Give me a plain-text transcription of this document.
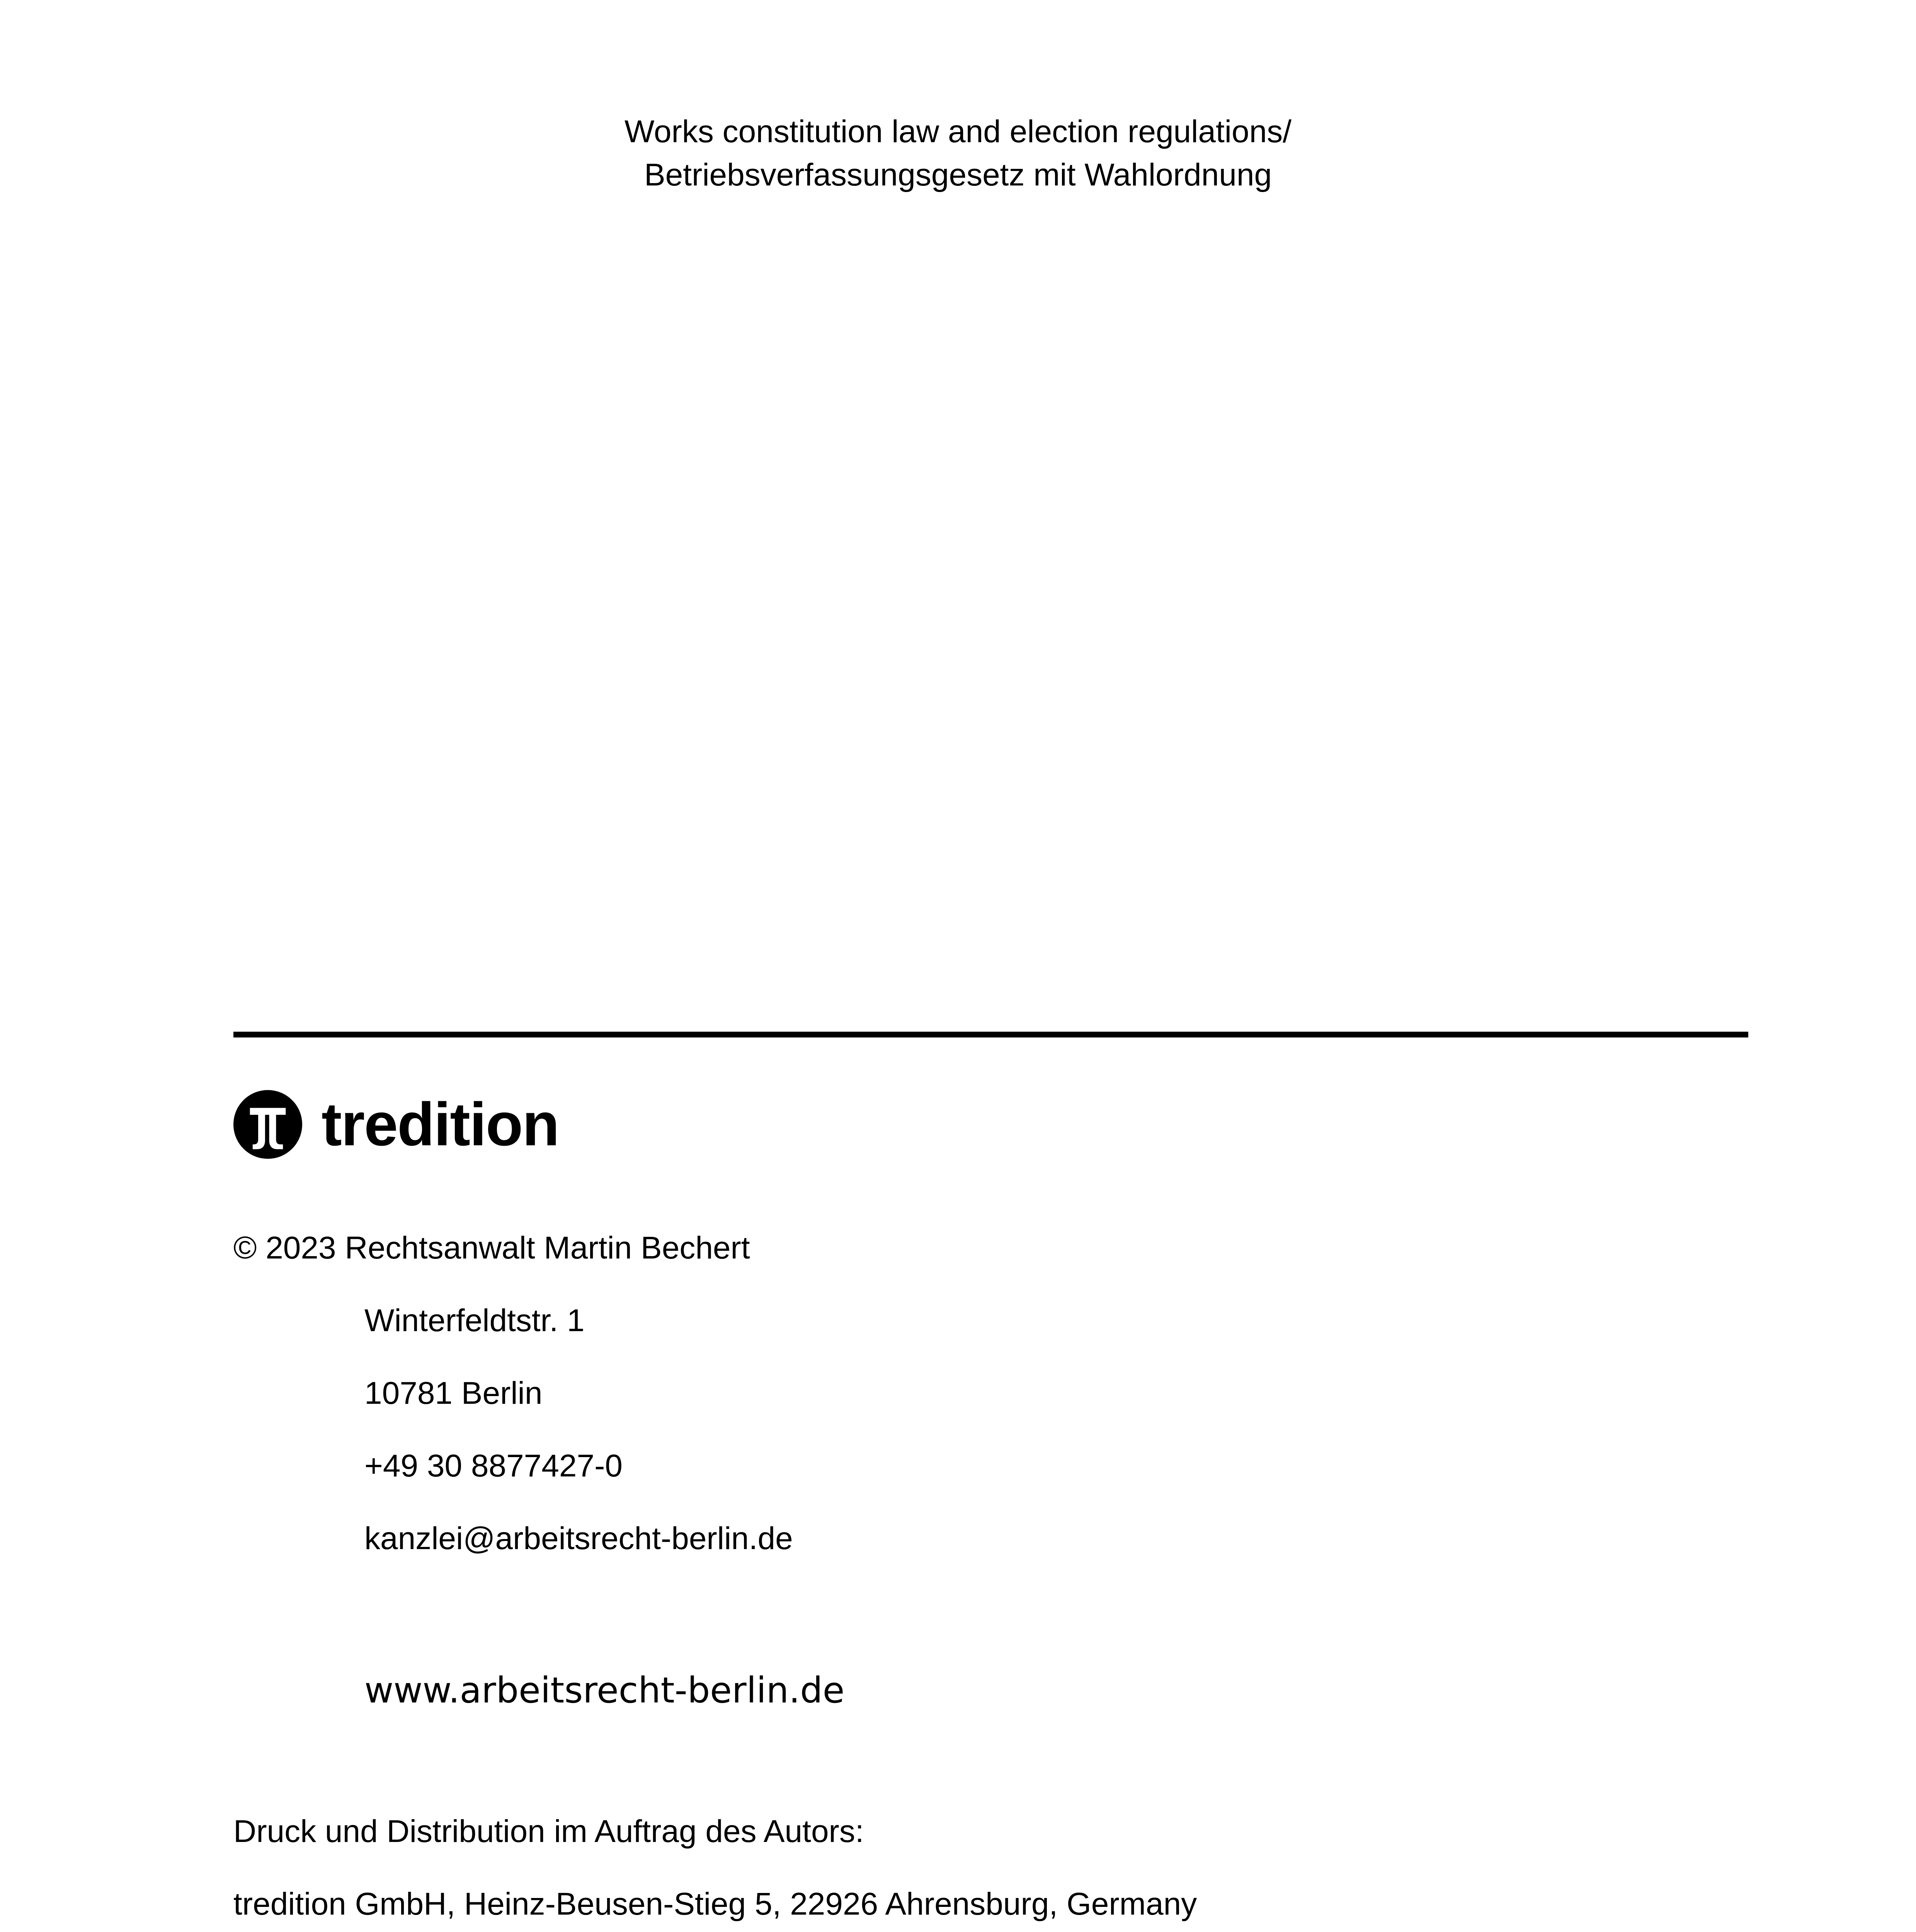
Works constitution law and election regulations/
Betriebsverfassungsgesetz mit Wahlordnung
tredition
© 2023 Rechtsanwalt Martin Bechert
Winterfeldtstr. 1
10781 Berlin
+49 30 8877427-0
kanzlei@arbeitsrecht-berlin.de
www.arbeitsrecht-berlin.de
Druck und Distribution im Auftrag des Autors:
tredition GmbH, Heinz-Beusen-Stieg 5, 22926 Ahrensburg, Germany
